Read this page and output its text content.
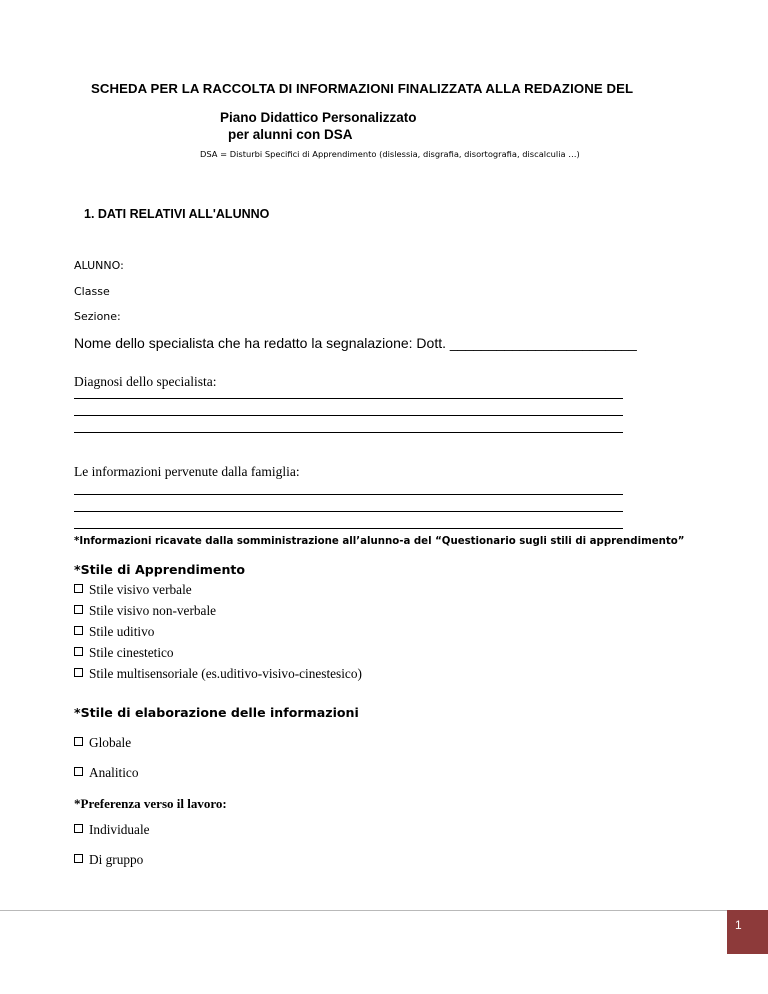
SCHEDA PER LA RACCOLTA DI INFORMAZIONI FINALIZZATA ALLA REDAZIONE DEL
Piano Didattico Personalizzato
per alunni con DSA
DSA = Disturbi Specifici di Apprendimento (dislessia, disgrafia, disortografia, discalculia …)
1. DATI RELATIVI ALL'ALUNNO
ALUNNO:
Classe
Sezione:
Nome dello specialista che ha redatto la segnalazione: Dott. ________________________
Diagnosi dello specialista:
Le informazioni pervenute dalla famiglia:
*Informazioni ricavate dalla somministrazione all’alunno-a del “Questionario sugli stili di apprendimento”
*Stile di Apprendimento
Stile visivo verbale
Stile visivo non-verbale
Stile uditivo
Stile cinestetico
Stile multisensoriale (es.uditivo-visivo-cinestesico)
*Stile di elaborazione delle informazioni
Globale
Analitico
*Preferenza verso il lavoro:
Individuale
Di gruppo
1
